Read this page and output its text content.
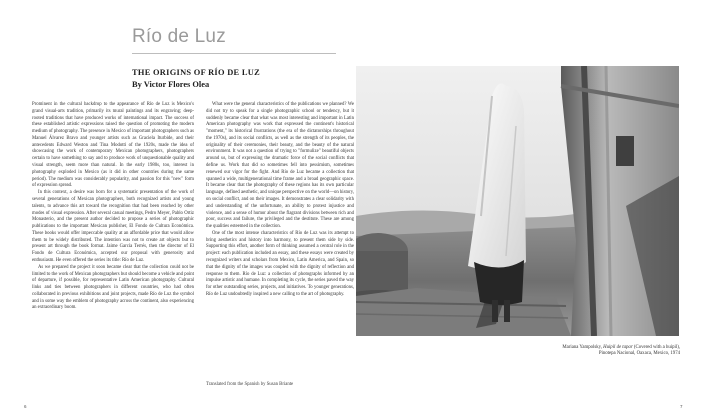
Río de Luz
THE ORIGINS OF RÍO DE LUZ
By Victor Flores Olea

Prominent in the cultural backdrop to the appearance of Río de Luz is Mexico's grand visual-arts tradition, primarily its mural paintings and its engraving; deep-rooted traditions that have produced works of international impact. The success of these established artistic expressions raised the question of promoting the modern medium of photography. The presence in Mexico of important photographers such as Manuel Álvarez Bravo and younger artists such as Graciela Iturbide, and their antecedents Edward Weston and Tina Modotti of the 1920s, made the idea of showcasing the work of contemporary Mexican photographers, photographers certain to have something to say and to produce work of unquestionable quality and visual strength, seem more than natural. In the early 1980s, too, interest in photography exploded in Mexico (as it did in other countries during the same period). The medium was considerably popularity, and passion for this "new" form of expression spread.

In this context, a desire was born for a systematic presentation of the work of several generations of Mexican photographers, both recognized artists and young talents, to advance this art toward the recognition that had been reached by other modes of visual expression. After several casual meetings, Pedro Meyer, Pablo Ortiz Monasterio, and the present author decided to propose a series of photographic publications to the important Mexican publisher, El Fondo de Cultura Económica. These books would offer impeccable quality at an affordable price that would allow them to be widely distributed. The intention was not to create art objects but to present art through the book format. Jaime García Terrés, then the director of El Fondo de Cultura Económica, accepted our proposal with generosity and enthusiasm. He even offered the series its title: Río de Luz.

As we prepared the project it soon became clear that the collection could not be limited to the work of Mexican photographers but should become a vehicle and point of departure, if possible, for representative Latin American photography. Cultural links and ties between photographers in different countries, who had often collaborated in previous exhibitions and joint projects, made Río de Luz the symbol and in some way the emblem of photography across the continent, also experiencing an extraordinary boom.

What were the general characteristics of the publications we planned? We did not try to speak for a single photographic school or tendency, but it suddenly became clear that what was most interesting and important in Latin American photography was work that expressed the continent's historical "moment," its historical frustrations (the era of the dictatorships throughout the 1970s), and its social conflicts, as well as the strength of its peoples, the originality of their ceremonies, their beauty, and the beauty of the natural environment. It was not a question of trying to "formulize" beautiful objects around us, but of expressing the dramatic force of the social conflicts that define us. Work that did so sometimes fell into pessimism, sometimes renewed our vigor for the fight. And Río de Luz became a collection that spanned a wide, multigenerational time frame and a broad geographic space. It became clear that the photography of these regions has its own particular language, defined aesthetic, and unique perspective on the world—on history, on social conflict, and on their images. It demonstrates a clear solidarity with and understanding of the unfortunate, an ability to protest injustice and violence, and a sense of humor about the flagrant divisions between rich and poor, success and failure, the privileged and the destitute. These are among the qualities esteemed in the collection.

One of the most intense characteristics of Río de Luz was its attempt to bring aesthetics and history into harmony, to present them side by side. Supporting this effort, another form of thinking assumed a central role in the project: each publication included an essay, and these essays were created by recognized writers and scholars from Mexico, Latin America, and Spain, so that the dignity of the images was coupled with the dignity of reflection and response to them. Río de Luz: a collection of photographs informed by an impulse artistic and humane. In completing its cycle, the series paved the way for other outstanding series, projects, and initiatives. To younger generations, Río de Luz undoubtedly inspired a new calling to the art of photography.

Translated from the Spanish by Susan Briante
6
Mariana Yampolsky, Huipil de tapar (Covered with a huipil),
Pinotepa Nacional, Oaxaca, Mexico, 1974
7
